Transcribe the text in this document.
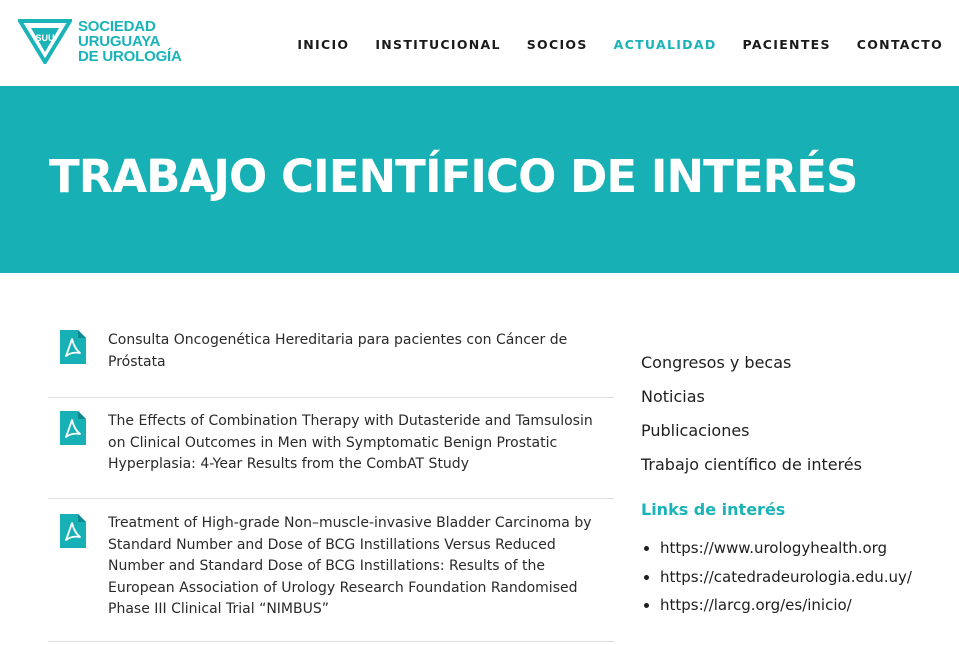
SUU
SOCIEDAD
URUGUAYA
DE UROLOGÍA
INICIO INSTITUCIONAL SOCIOS ACTUALIDAD PACIENTES CONTACTO
TRABAJO CIENTÍFICO DE INTERÉS
Consulta Oncogenética Hereditaria para pacientes con Cáncer de Próstata
The Effects of Combination Therapy with Dutasteride and Tamsulosin on Clinical Outcomes in Men with Symptomatic Benign Prostatic Hyperplasia: 4-Year Results from the CombAT Study
Treatment of High-grade Non–muscle-invasive Bladder Carcinoma by Standard Number and Dose of BCG Instillations Versus Reduced Number and Standard Dose of BCG Instillations: Results of the European Association of Urology Research Foundation Randomised Phase III Clinical Trial “NIMBUS”
Congresos y becas
Noticias
Publicaciones
Trabajo científico de interés
Links de interés
https://www.urologyhealth.org
https://catedradeurologia.edu.uy/
https://larcg.org/es/inicio/
